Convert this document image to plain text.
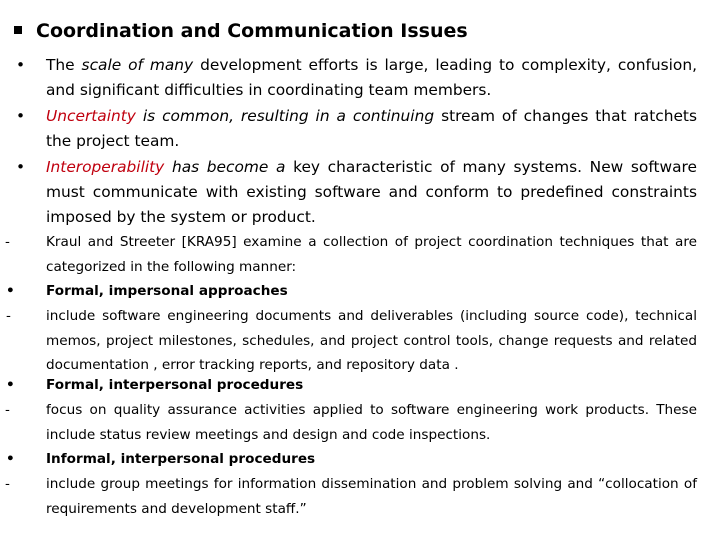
Coordination and Communication Issues
• The scale of many development efforts is large, leading to complexity, confusion, and significant difficulties in coordinating team members.
• Uncertainty is common, resulting in a continuing stream of changes that ratchets the project team.
• Interoperability has become a key characteristic of many systems. New software must communicate with existing software and conform to predefined constraints imposed by the system or product.
-	Kraul and Streeter [KRA95] examine a collection of project coordination techniques that are categorized in the following manner:
• Formal, impersonal approaches
-	include software engineering documents and deliverables (including source code), technical memos, project milestones, schedules, and project control tools, change requests and related documentation , error tracking reports, and repository data .
• Formal, interpersonal procedures
-	focus on quality assurance activities applied to software engineering work products. These include status review meetings and design and code inspections.
• Informal, interpersonal procedures
-	include group meetings for information dissemination and problem solving and “collocation of requirements and development staff.”
